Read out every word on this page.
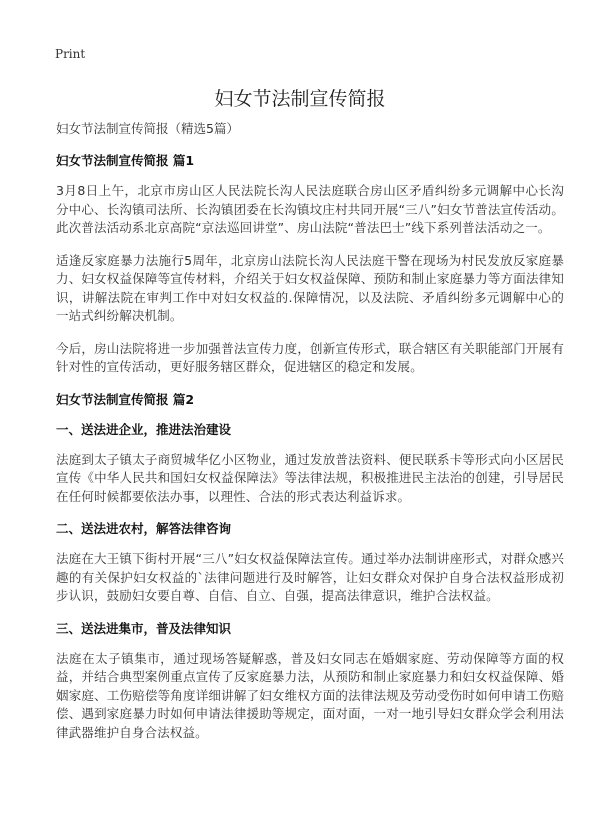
Print
妇女节法制宣传简报

妇女节法制宣传简报（精选5篇）

妇女节法制宣传简报 篇1

3月8日上午，北京市房山区人民法院长沟人民法庭联合房山区矛盾纠纷多元调解中心长沟分中心、长沟镇司法所、长沟镇团委在长沟镇坟庄村共同开展“三八”妇女节普法宣传活动。此次普法活动系北京高院“京法巡回讲堂”、房山法院“普法巴士”线下系列普法活动之一。

适逢反家庭暴力法施行5周年，北京房山法院长沟人民法庭干警在现场为村民发放反家庭暴力、妇女权益保障等宣传材料，介绍关于妇女权益保障、预防和制止家庭暴力等方面法律知识，讲解法院在审判工作中对妇女权益的.保障情况，以及法院、矛盾纠纷多元调解中心的一站式纠纷解决机制。

今后，房山法院将进一步加强普法宣传力度，创新宣传形式，联合辖区有关职能部门开展有针对性的宣传活动，更好服务辖区群众，促进辖区的稳定和发展。

妇女节法制宣传简报 篇2

一、送法进企业，推进法治建设

法庭到太子镇太子商贸城华亿小区物业，通过发放普法资料、便民联系卡等形式向小区居民宣传《中华人民共和国妇女权益保障法》等法律法规，积极推进民主法治的创建，引导居民在任何时候都要依法办事，以理性、合法的形式表达利益诉求。

二、送法进农村，解答法律咨询

法庭在大王镇下街村开展“三八”妇女权益保障法宣传。通过举办法制讲座形式，对群众感兴趣的有关保护妇女权益的`法律问题进行及时解答，让妇女群众对保护自身合法权益形成初步认识，鼓励妇女要自尊、自信、自立、自强，提高法律意识，维护合法权益。

三、送法进集市，普及法律知识

法庭在太子镇集市，通过现场答疑解惑，普及妇女同志在婚姻家庭、劳动保障等方面的权益，并结合典型案例重点宣传了反家庭暴力法，从预防和制止家庭暴力和妇女权益保障、婚姻家庭、工伤赔偿等角度详细讲解了妇女维权方面的法律法规及劳动受伤时如何申请工伤赔偿、遇到家庭暴力时如何申请法律援助等规定，面对面，一对一地引导妇女群众学会利用法律武器维护自身合法权益。
